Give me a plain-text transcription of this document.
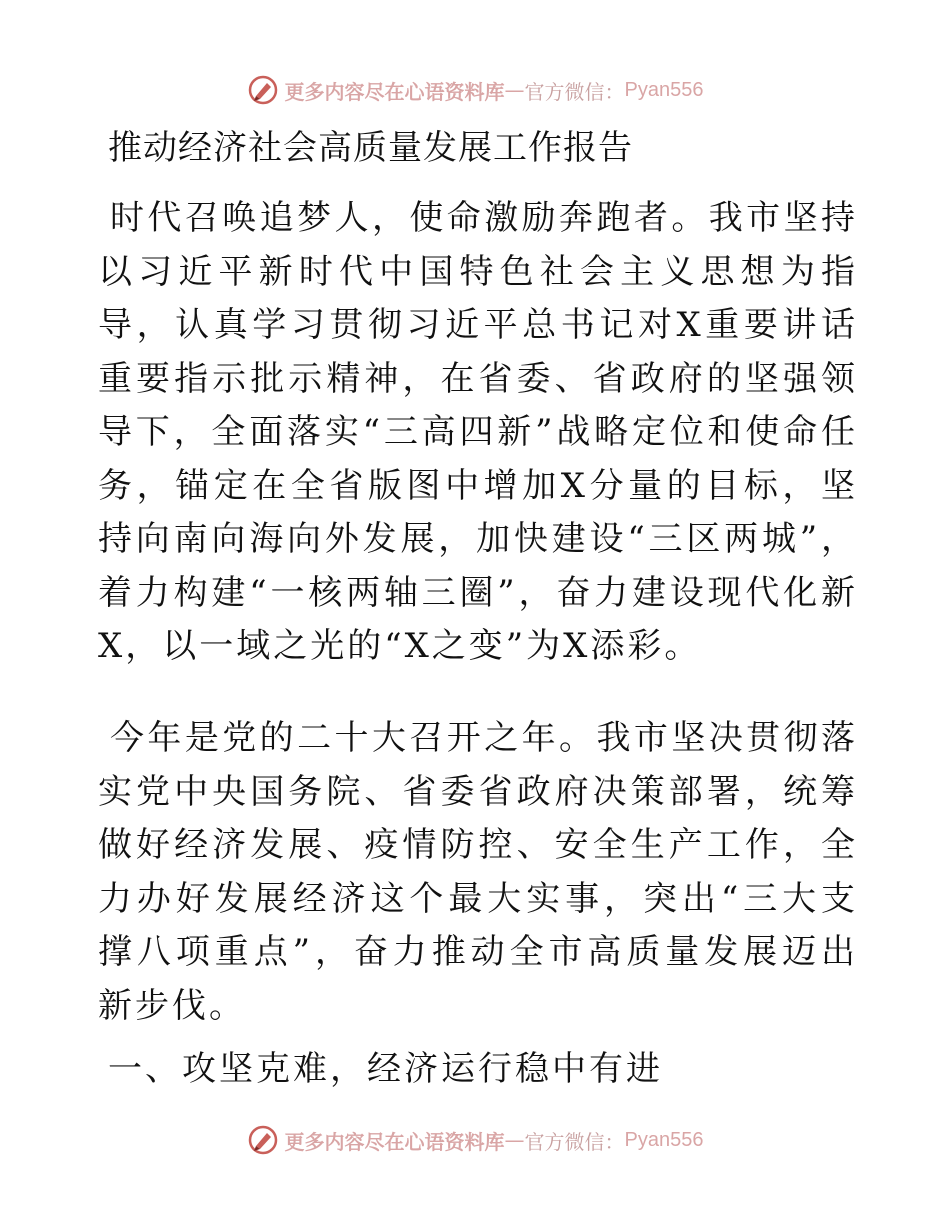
更多内容尽在心语资料库 — 官方微信： Pyan556
推动经济社会高质量发展工作报告

时代召唤追梦人，使命激励奔跑者。我市坚持以习近平新时代中国特色社会主义思想为指导，认真学习贯彻习近平总书记对X重要讲话重要指示批示精神，在省委、省政府的坚强领导下，全面落实“三高四新”战略定位和使命任务，锚定在全省版图中增加X分量的目标，坚持向南向海向外发展，加快建设“三区两城”，着力构建“一核两轴三圈”，奋力建设现代化新X，以一域之光的“X之变”为X添彩。

今年是党的二十大召开之年。我市坚决贯彻落实党中央国务院、省委省政府决策部署，统筹做好经济发展、疫情防控、安全生产工作，全力办好发展经济这个最大实事，突出“三大支撑八项重点”，奋力推动全市高质量发展迈出新步伐。

一、攻坚克难，经济运行稳中有进
更多内容尽在心语资料库 — 官方微信： Pyan556
